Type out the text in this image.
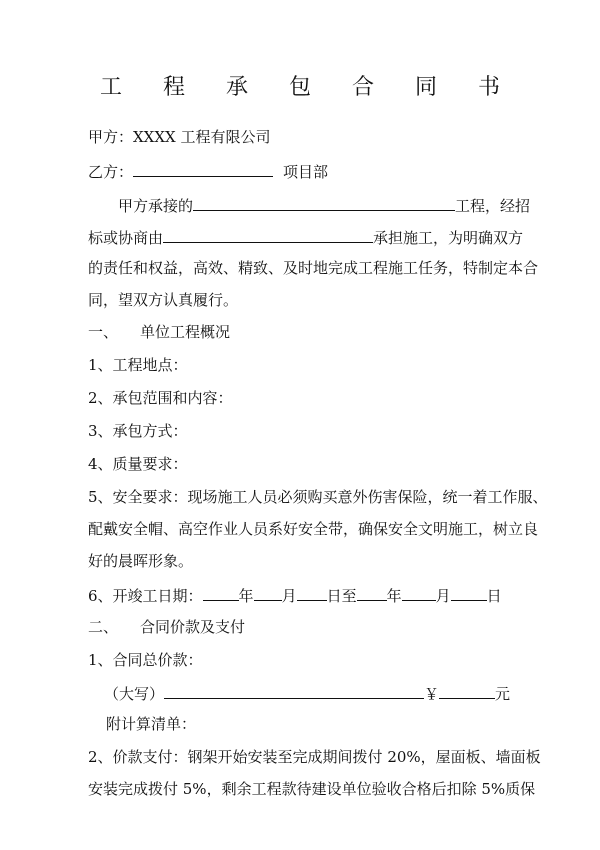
工 程 承 包 合 同 书
甲方：XXXX 工程有限公司
乙方：	项目部
甲方承接的	工程，经招
标或协商由	承担施工，为明确双方
的责任和权益，高效、精致、及时地完成工程施工任务，特制定本合
同，望双方认真履行。
一、 单位工程概况
1、工程地点：
2、承包范围和内容：
3、承包方式：
4、质量要求：
5、安全要求：现场施工人员必须购买意外伤害保险，统一着工作服、
配戴安全帽、高空作业人员系好安全带，确保安全文明施工，树立良
好的晨晖形象。
6、开竣工日期： 年 月 日至 年 月 日
二、 合同价款及支付
1、合同总价款：
（大写）	￥	元
附计算清单：
2、价款支付：钢架开始安装至完成期间拨付 20%，屋面板、墙面板
安装完成拨付 5%，剩余工程款待建设单位验收合格后扣除 5%质保
